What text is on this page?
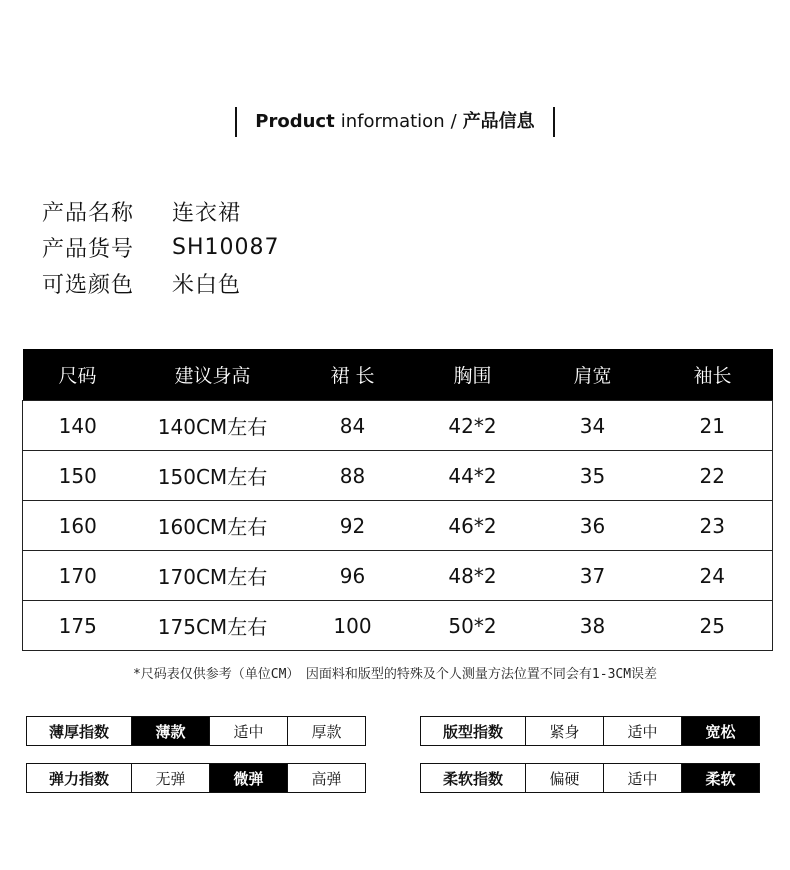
Product information / 产品信息
产品名称	连衣裙
产品货号	SH10087
可选颜色	米白色
尺码	建议身高	裙 长	胸围	肩宽	袖长
140	140CM左右	84	42*2	34	21
150	150CM左右	88	44*2	35	22
160	160CM左右	92	46*2	36	23
170	170CM左右	96	48*2	37	24
175	175CM左右	100	50*2	38	25
*尺码表仅供参考（单位CM）　因面料和版型的特殊及个人测量方法位置不同会有1-3CM误差
薄厚指数	薄款	适中	厚款	版型指数	紧身	适中	宽松
弹力指数	无弹	微弹	高弹	柔软指数	偏硬	适中	柔软
